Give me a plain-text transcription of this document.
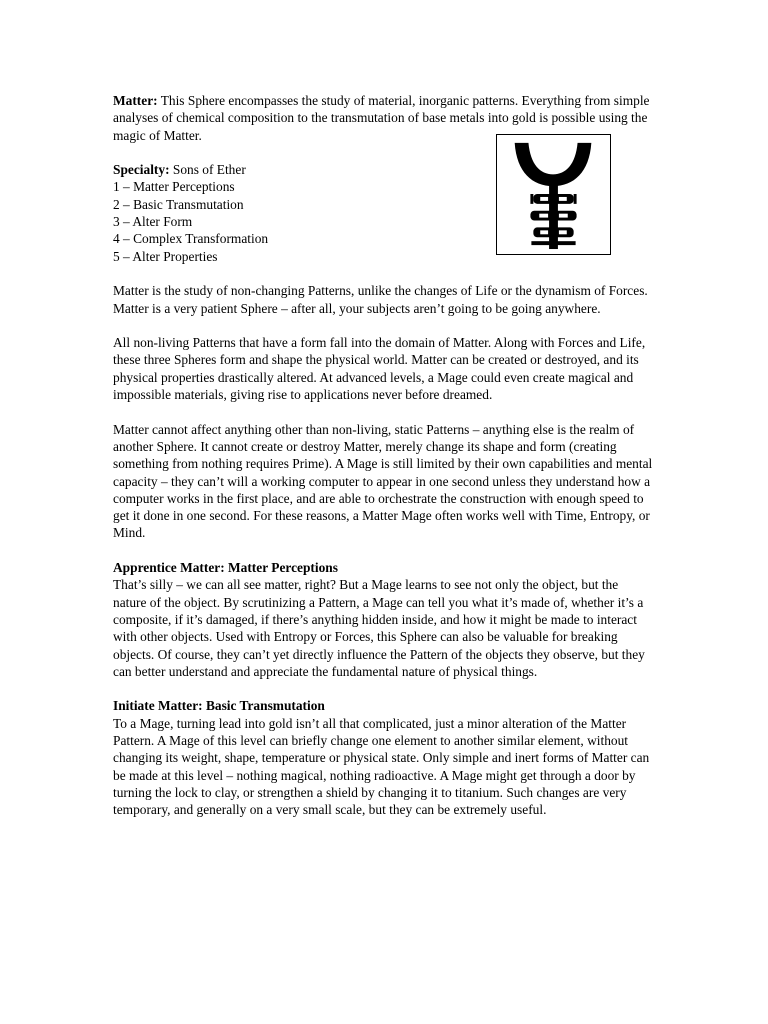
Matter: This Sphere encompasses the study of material, inorganic patterns. Everything from simple analyses of chemical composition to the transmutation of base metals into gold is possible using the magic of Matter.

Specialty: Sons of Ether
1 – Matter Perceptions
2 – Basic Transmutation
3 – Alter Form
4 – Complex Transformation
5 – Alter Properties

Matter is the study of non-changing Patterns, unlike the changes of Life or the dynamism of Forces. Matter is a very patient Sphere – after all, your subjects aren’t going to be going anywhere.

All non-living Patterns that have a form fall into the domain of Matter. Along with Forces and Life, these three Spheres form and shape the physical world. Matter can be created or destroyed, and its physical properties drastically altered. At advanced levels, a Mage could even create magical and impossible materials, giving rise to applications never before dreamed.

Matter cannot affect anything other than non-living, static Patterns – anything else is the realm of another Sphere. It cannot create or destroy Matter, merely change its shape and form (creating something from nothing requires Prime). A Mage is still limited by their own capabilities and mental capacity – they can’t will a working computer to appear in one second unless they understand how a computer works in the first place, and are able to orchestrate the construction with enough speed to get it done in one second. For these reasons, a Matter Mage often works well with Time, Entropy, or Mind.

Apprentice Matter: Matter Perceptions

That’s silly – we can all see matter, right? But a Mage learns to see not only the object, but the nature of the object. By scrutinizing a Pattern, a Mage can tell you what it’s made of, whether it’s a composite, if it’s damaged, if there’s anything hidden inside, and how it might be made to interact with other objects. Used with Entropy or Forces, this Sphere can also be valuable for breaking objects. Of course, they can’t yet directly influence the Pattern of the objects they observe, but they can better understand and appreciate the fundamental nature of physical things.

Initiate Matter: Basic Transmutation

To a Mage, turning lead into gold isn’t all that complicated, just a minor alteration of the Matter Pattern. A Mage of this level can briefly change one element to another similar element, without changing its weight, shape, temperature or physical state. Only simple and inert forms of Matter can be made at this level – nothing magical, nothing radioactive. A Mage might get through a door by turning the lock to clay, or strengthen a shield by changing it to titanium. Such changes are very temporary, and generally on a very small scale, but they can be extremely useful.
